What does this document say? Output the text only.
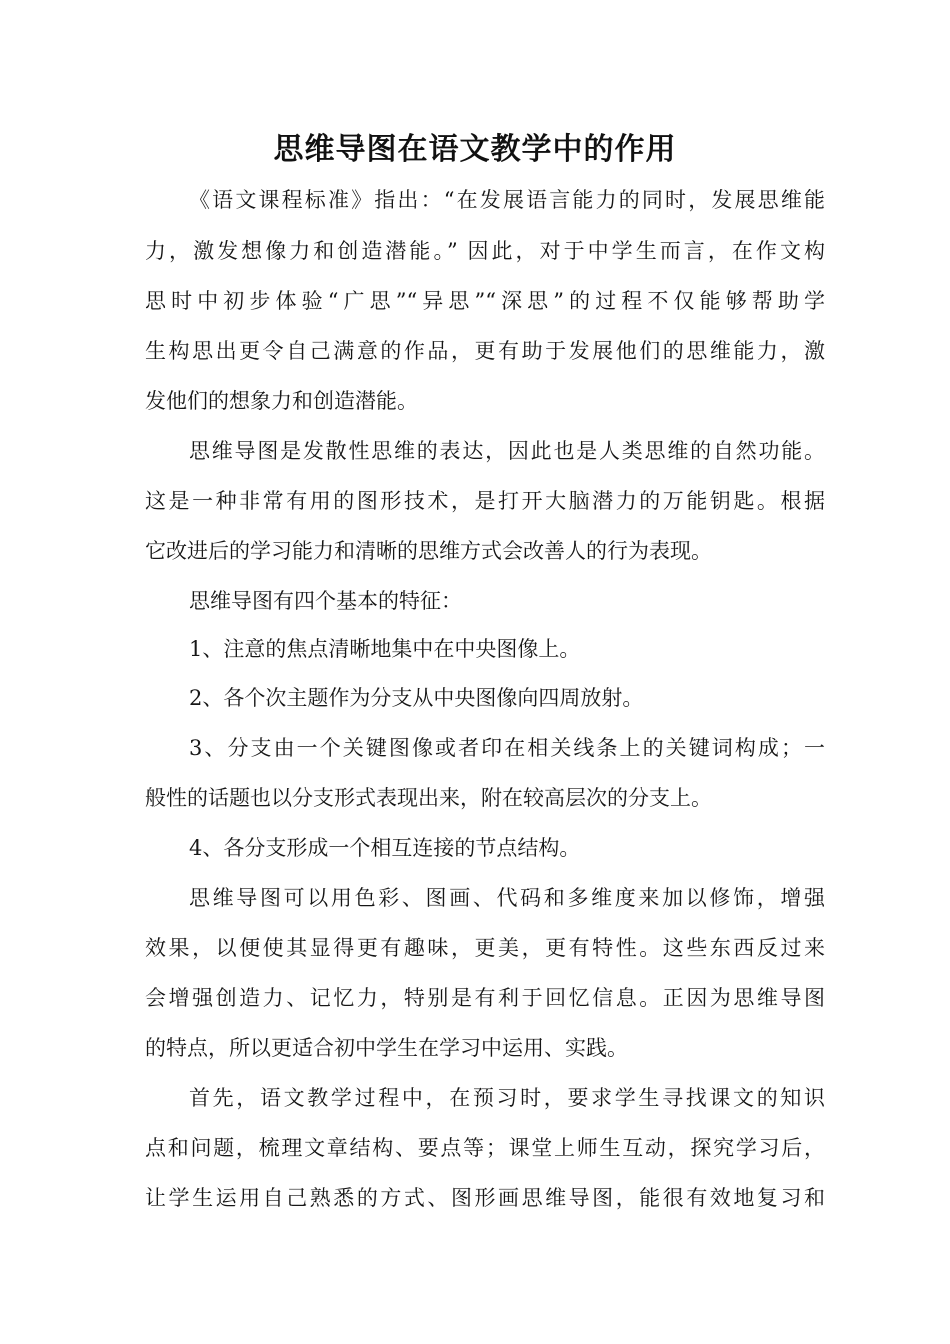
思维导图在语文教学中的作用
《语文课程标准》指出：“在发展语言能力的同时，发展思维能
力，激发想像力和创造潜能。” 因此，对于中学生而言，在作文构
思时中初步体验“广思”“异思”“深思”的过程不仅能够帮助学
生构思出更令自己满意的作品，更有助于发展他们的思维能力，激
发他们的想象力和创造潜能。
思维导图是发散性思维的表达，因此也是人类思维的自然功能。
这是一种非常有用的图形技术，是打开大脑潜力的万能钥匙。根据
它改进后的学习能力和清晰的思维方式会改善人的行为表现。
思维导图有四个基本的特征：
1、注意的焦点清晰地集中在中央图像上。
2、各个次主题作为分支从中央图像向四周放射。
3、分支由一个关键图像或者印在相关线条上的关键词构成；一
般性的话题也以分支形式表现出来，附在较高层次的分支上。
4、各分支形成一个相互连接的节点结构。
思维导图可以用色彩、图画、代码和多维度来加以修饰，增强
效果，以便使其显得更有趣味，更美，更有特性。这些东西反过来
会增强创造力、记忆力，特别是有利于回忆信息。正因为思维导图
的特点，所以更适合初中学生在学习中运用、实践。
首先，语文教学过程中，在预习时，要求学生寻找课文的知识
点和问题，梳理文章结构、要点等；课堂上师生互动，探究学习后，
让学生运用自己熟悉的方式、图形画思维导图，能很有效地复习和
